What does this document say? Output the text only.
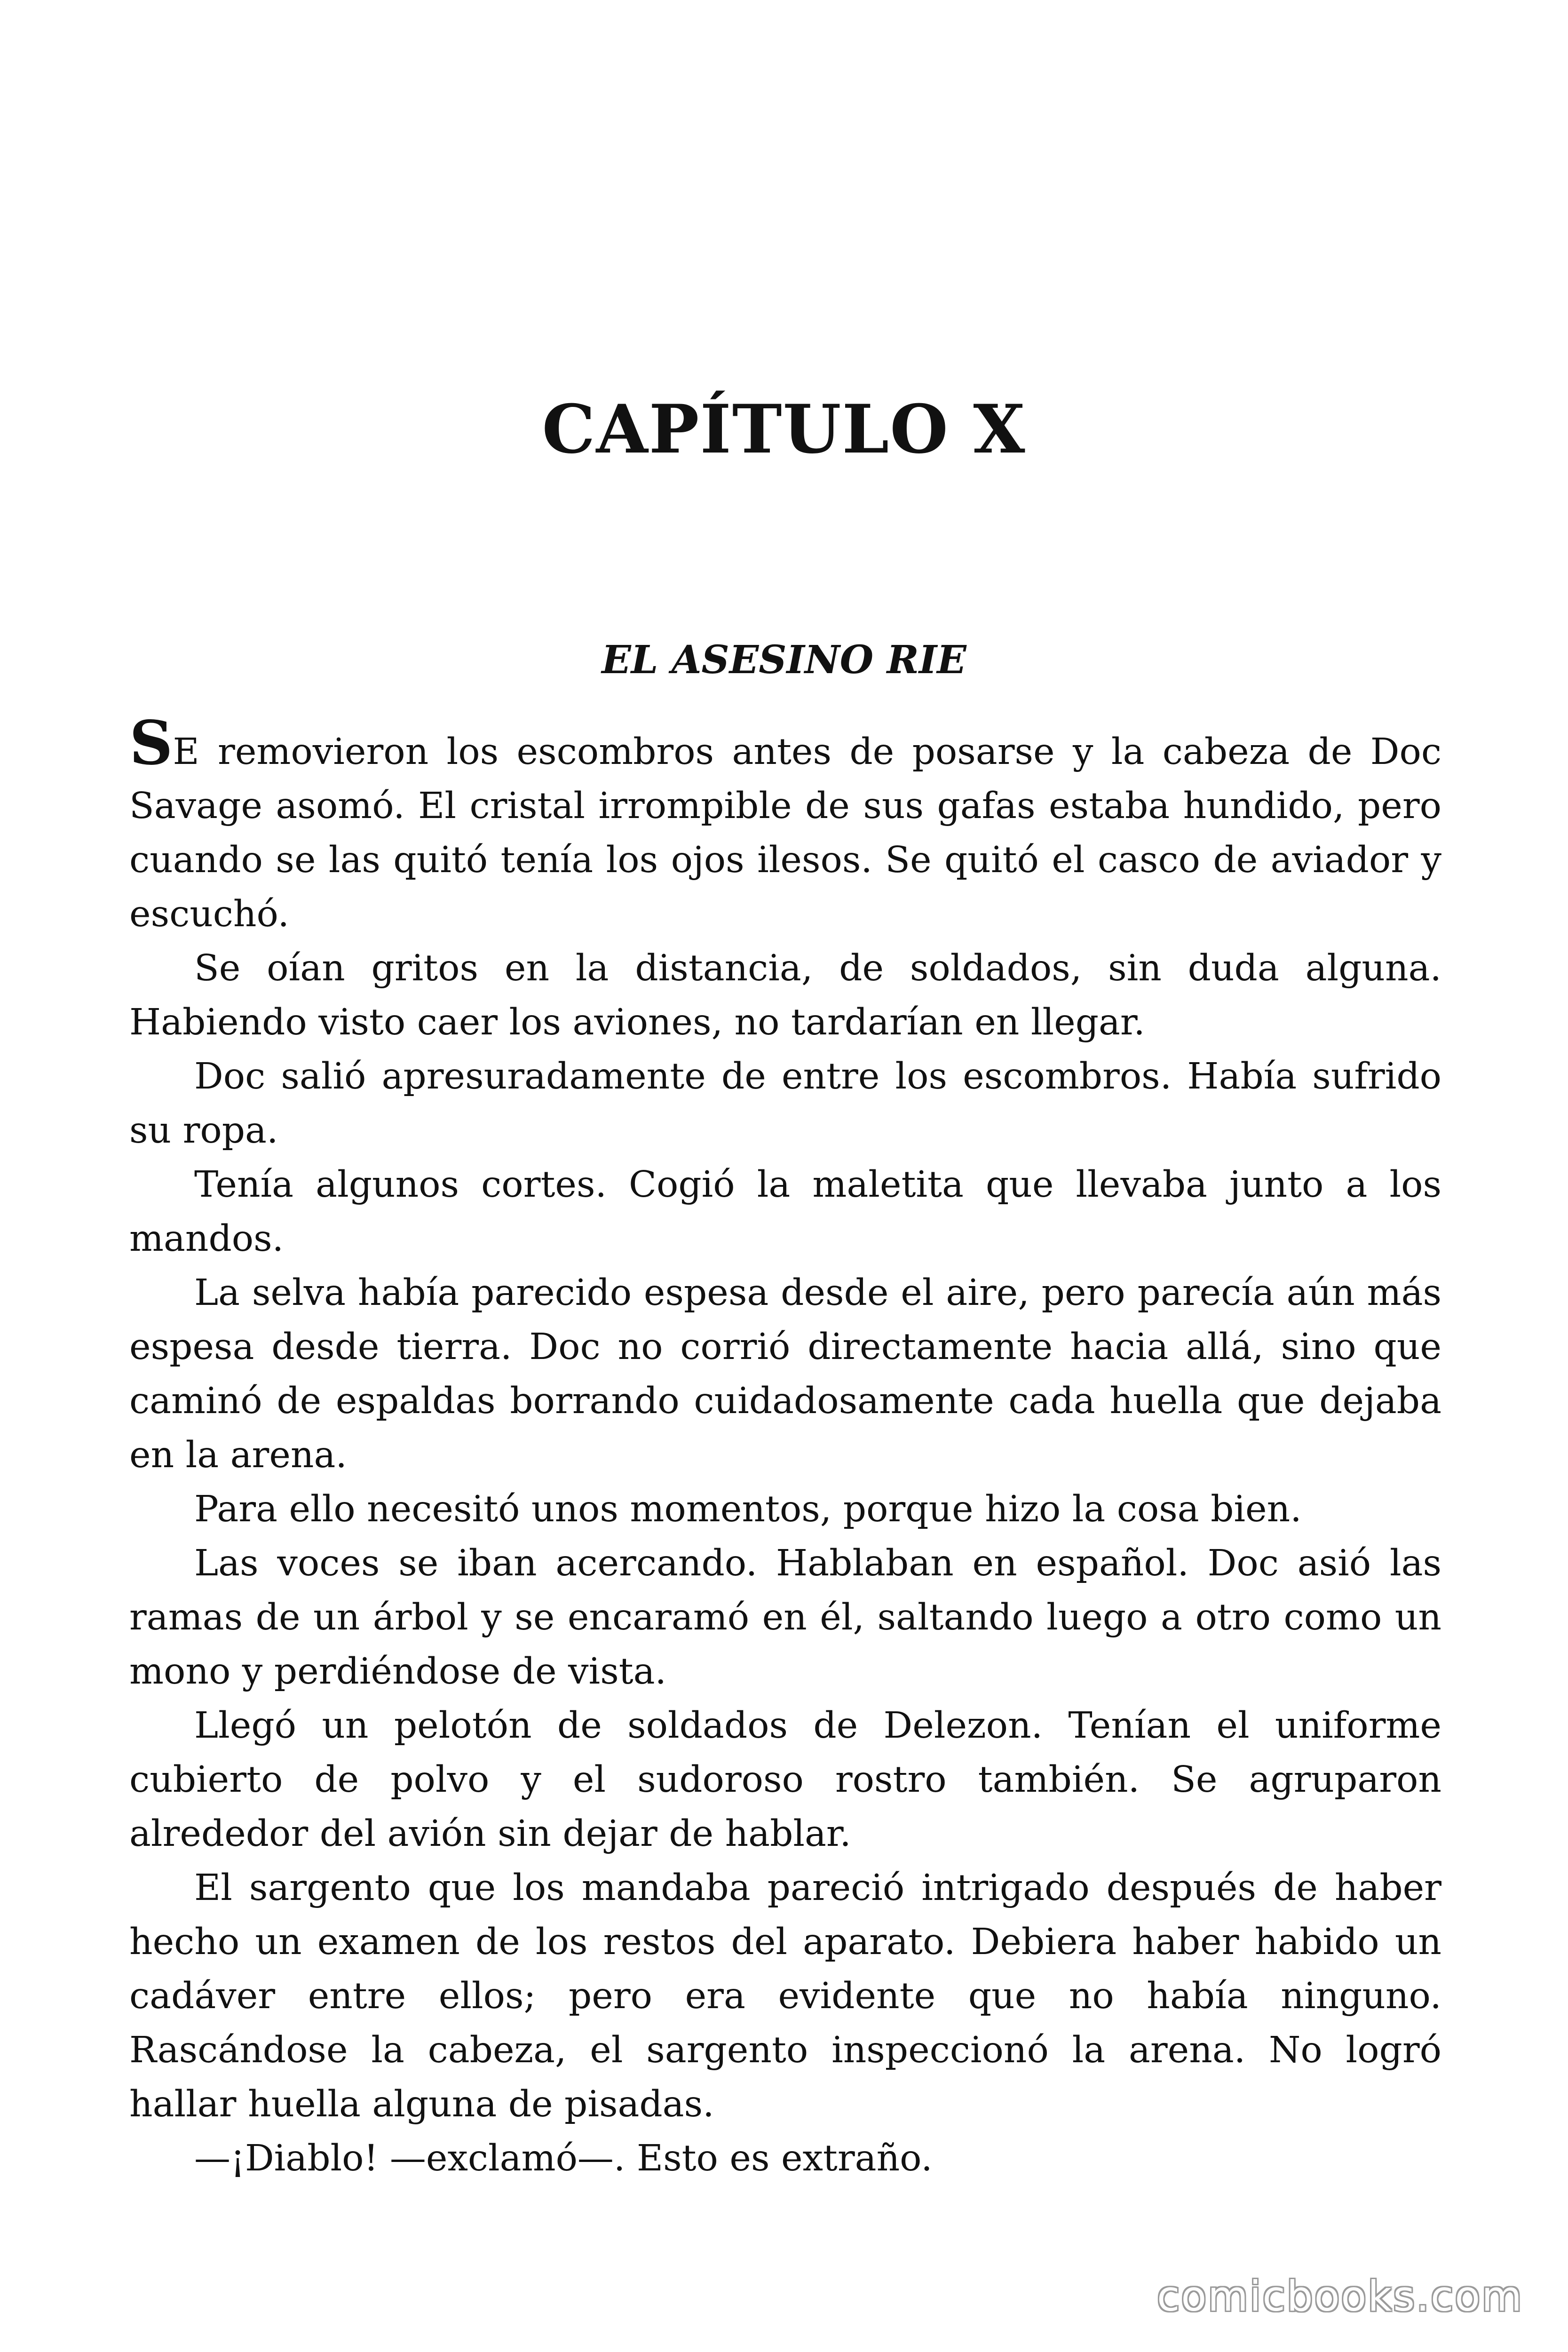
CAPÍTULO X
EL ASESINO RIE

SE removieron los escombros antes de posarse y la cabeza de Doc Savage asomó. El cristal irrompible de sus gafas estaba hundido, pero cuando se las quitó tenía los ojos ilesos. Se quitó el casco de aviador y escuchó.

Se oían gritos en la distancia, de soldados, sin duda alguna. Habiendo visto caer los aviones, no tardarían en llegar.

Doc salió apresuradamente de entre los escombros. Había sufrido su ropa.

Tenía algunos cortes. Cogió la maletita que llevaba junto a los mandos.

La selva había parecido espesa desde el aire, pero parecía aún más espesa desde tierra. Doc no corrió directamente hacia allá, sino que caminó de espaldas borrando cuidadosamente cada huella que dejaba en la arena.

Para ello necesitó unos momentos, porque hizo la cosa bien.

Las voces se iban acercando. Hablaban en español. Doc asió las ramas de un árbol y se encaramó en él, saltando luego a otro como un mono y perdiéndose de vista.

Llegó un pelotón de soldados de Delezon. Tenían el uniforme cubierto de polvo y el sudoroso rostro también. Se agruparon alrededor del avión sin dejar de hablar.

El sargento que los mandaba pareció intrigado después de haber hecho un examen de los restos del aparato. Debiera haber habido un cadáver entre ellos; pero era evidente que no había ninguno. Rascándose la cabeza, el sargento inspeccionó la arena. No logró hallar huella alguna de pisadas.

—¡Diablo! —exclamó—. Esto es extraño.

comicbooks.com
